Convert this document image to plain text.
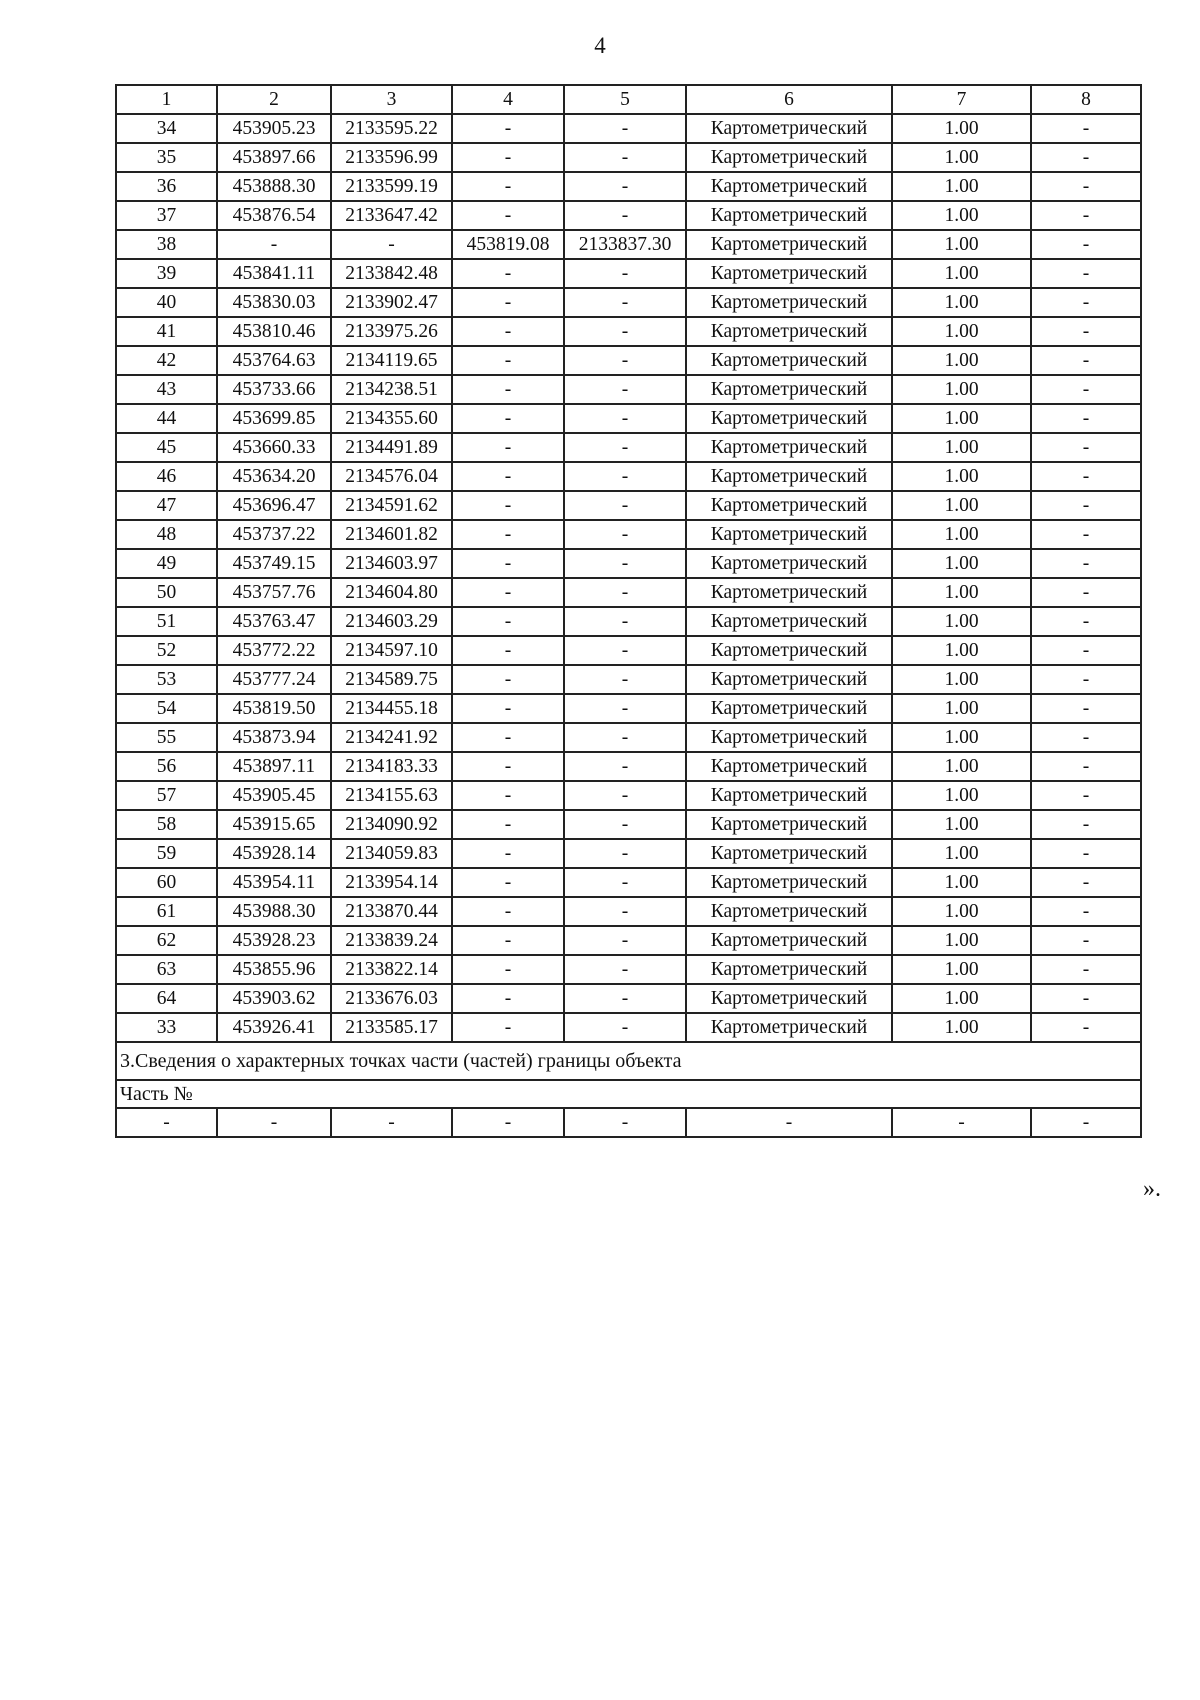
4
1	2	3	4	5	6	7	8
34	453905.23	2133595.22	-	-	Картометрический	1.00	-
35	453897.66	2133596.99	-	-	Картометрический	1.00	-
36	453888.30	2133599.19	-	-	Картометрический	1.00	-
37	453876.54	2133647.42	-	-	Картометрический	1.00	-
38	-	-	453819.08	2133837.30	Картометрический	1.00	-
39	453841.11	2133842.48	-	-	Картометрический	1.00	-
40	453830.03	2133902.47	-	-	Картометрический	1.00	-
41	453810.46	2133975.26	-	-	Картометрический	1.00	-
42	453764.63	2134119.65	-	-	Картометрический	1.00	-
43	453733.66	2134238.51	-	-	Картометрический	1.00	-
44	453699.85	2134355.60	-	-	Картометрический	1.00	-
45	453660.33	2134491.89	-	-	Картометрический	1.00	-
46	453634.20	2134576.04	-	-	Картометрический	1.00	-
47	453696.47	2134591.62	-	-	Картометрический	1.00	-
48	453737.22	2134601.82	-	-	Картометрический	1.00	-
49	453749.15	2134603.97	-	-	Картометрический	1.00	-
50	453757.76	2134604.80	-	-	Картометрический	1.00	-
51	453763.47	2134603.29	-	-	Картометрический	1.00	-
52	453772.22	2134597.10	-	-	Картометрический	1.00	-
53	453777.24	2134589.75	-	-	Картометрический	1.00	-
54	453819.50	2134455.18	-	-	Картометрический	1.00	-
55	453873.94	2134241.92	-	-	Картометрический	1.00	-
56	453897.11	2134183.33	-	-	Картометрический	1.00	-
57	453905.45	2134155.63	-	-	Картометрический	1.00	-
58	453915.65	2134090.92	-	-	Картометрический	1.00	-
59	453928.14	2134059.83	-	-	Картометрический	1.00	-
60	453954.11	2133954.14	-	-	Картометрический	1.00	-
61	453988.30	2133870.44	-	-	Картометрический	1.00	-
62	453928.23	2133839.24	-	-	Картометрический	1.00	-
63	453855.96	2133822.14	-	-	Картометрический	1.00	-
64	453903.62	2133676.03	-	-	Картометрический	1.00	-
33	453926.41	2133585.17	-	-	Картометрический	1.00	-
3.Сведения о характерных точках части (частей) границы объекта							
Часть №							
-	-	-	-	-	-	-	-
».
